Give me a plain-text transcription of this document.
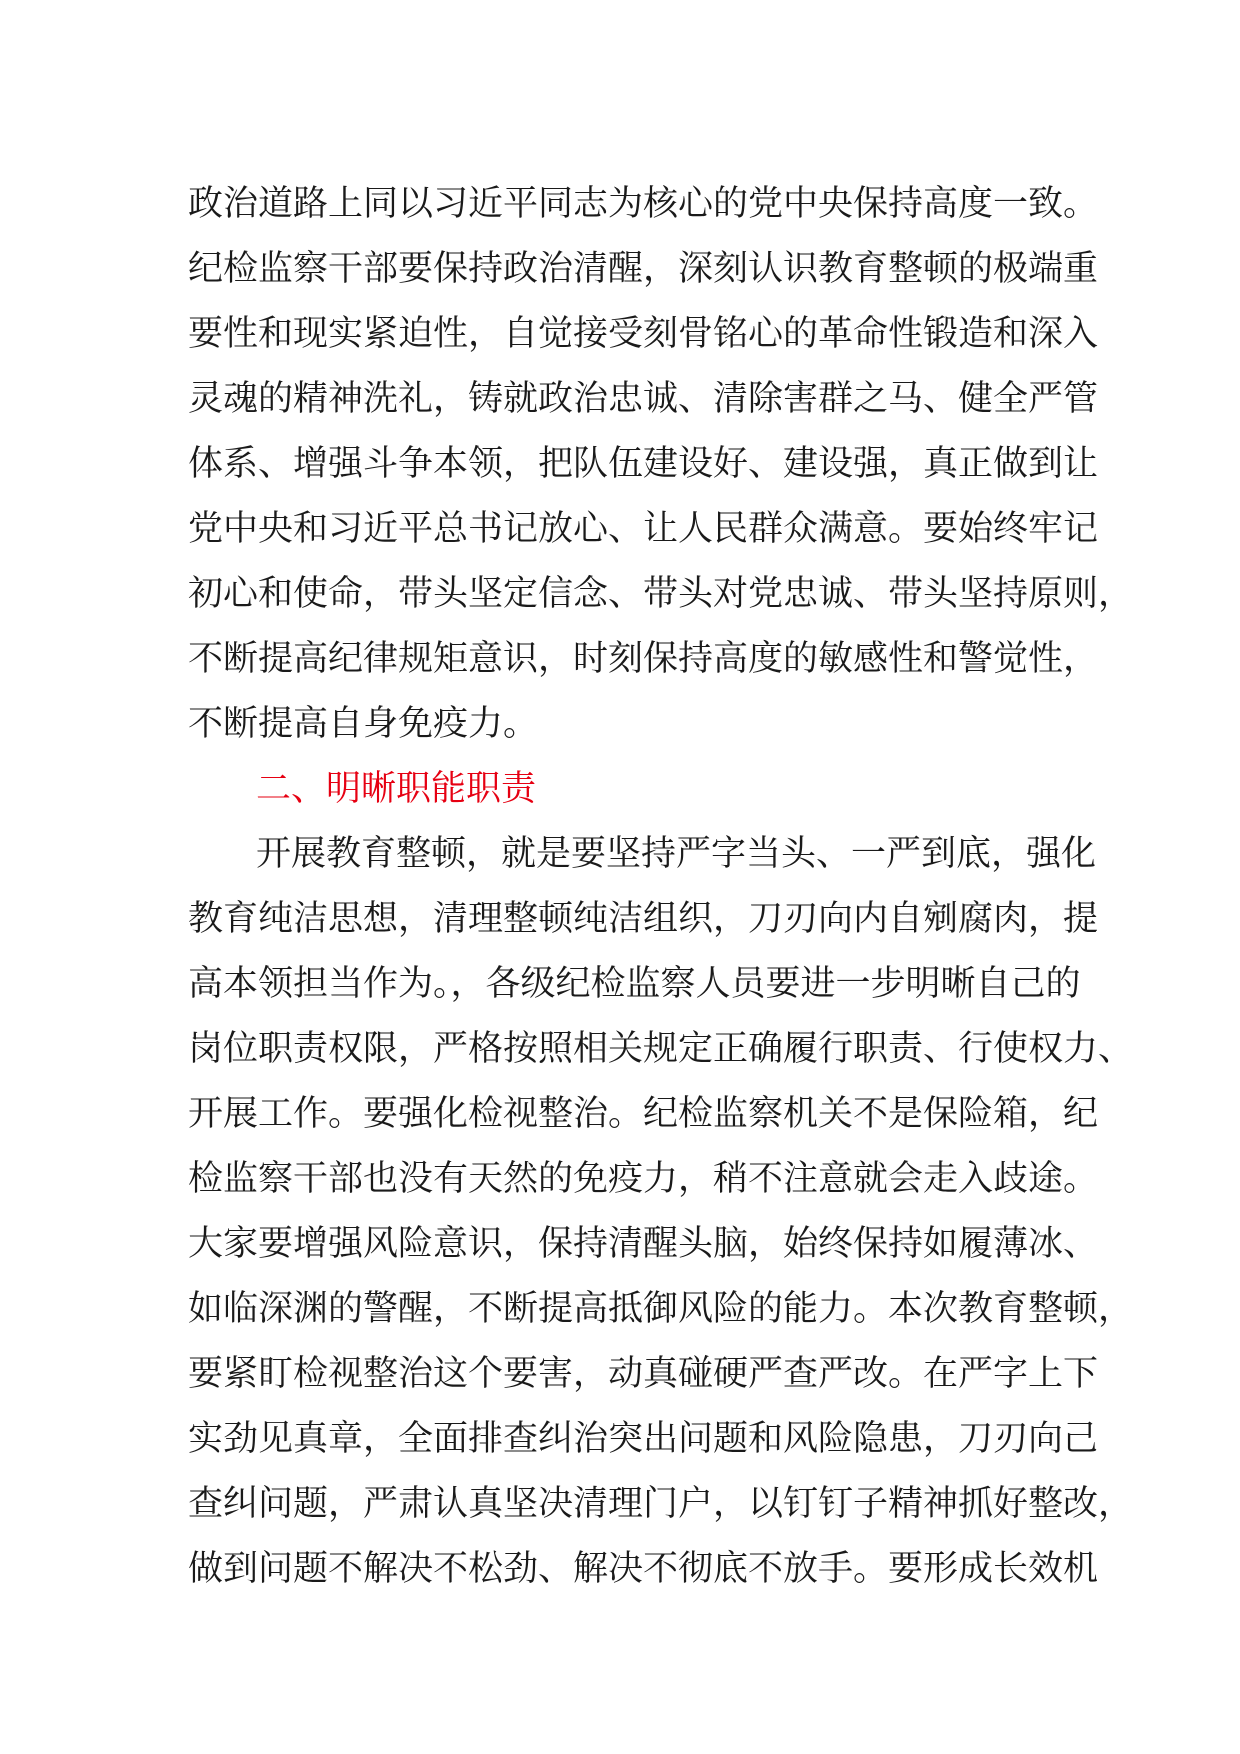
政治道路上同以习近平同志为核心的党中央保持高度一致。
纪检监察干部要保持政治清醒，深刻认识教育整顿的极端重
要性和现实紧迫性，自觉接受刻骨铭心的革命性锻造和深入
灵魂的精神洗礼，铸就政治忠诚、清除害群之马、健全严管
体系、增强斗争本领，把队伍建设好、建设强，真正做到让
党中央和习近平总书记放心、让人民群众满意。要始终牢记
初心和使命，带头坚定信念、带头对党忠诚、带头坚持原则，
不断提高纪律规矩意识，时刻保持高度的敏感性和警觉性，
不断提高自身免疫力。
二、明晰职能职责
开展教育整顿，就是要坚持严字当头、一严到底，强化
教育纯洁思想，清理整顿纯洁组织，刀刃向内自剜腐肉，提
高本领担当作为。，各级纪检监察人员要进一步明晰自己的
岗位职责权限，严格按照相关规定正确履行职责、行使权力、
开展工作。要强化检视整治。纪检监察机关不是保险箱，纪
检监察干部也没有天然的免疫力，稍不注意就会走入歧途。
大家要增强风险意识，保持清醒头脑，始终保持如履薄冰、
如临深渊的警醒，不断提高抵御风险的能力。本次教育整顿，
要紧盯检视整治这个要害，动真碰硬严查严改。在严字上下
实劲见真章，全面排查纠治突出问题和风险隐患，刀刃向己
查纠问题，严肃认真坚决清理门户，以钉钉子精神抓好整改，
做到问题不解决不松劲、解决不彻底不放手。要形成长效机
